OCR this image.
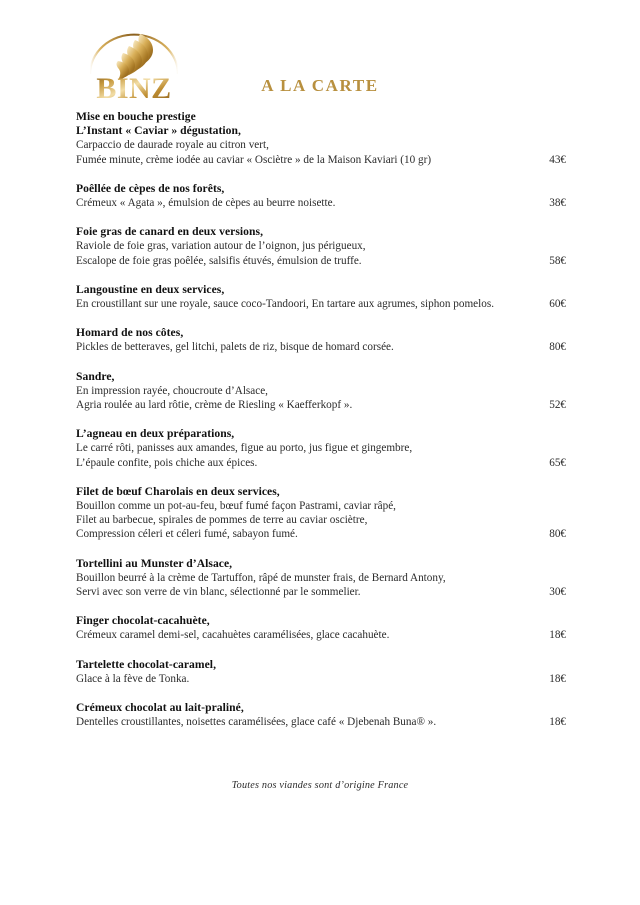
BINZ	A LA CARTE
Mise en bouche prestige
L’Instant « Caviar » dégustation,
Carpaccio de daurade royale au citron vert,
Fumée minute, crème iodée au caviar « Osciètre » de la Maison Kaviari (10 gr)	43€
Poêllée de cèpes de nos forêts,
Crémeux « Agata », émulsion de cèpes au beurre noisette.	38€
Foie gras de canard en deux versions,
Raviole de foie gras, variation autour de l’oignon, jus périgueux,
Escalope de foie gras poêlée, salsifis étuvés, émulsion de truffe.	58€
Langoustine en deux services,
En croustillant sur une royale, sauce coco-Tandoori, En tartare aux agrumes, siphon pomelos.	60€
Homard de nos côtes,
Pickles de betteraves, gel litchi, palets de riz, bisque de homard corsée.	80€
Sandre,
En impression rayée, choucroute d’Alsace,
Agria roulée au lard rôtie, crème de Riesling « Kaefferkopf ».	52€
L’agneau en deux préparations,
Le carré rôti, panisses aux amandes, figue au porto, jus figue et gingembre,
L’épaule confite, pois chiche aux épices.	65€
Filet de bœuf Charolais en deux services,
Bouillon comme un pot-au-feu, bœuf fumé façon Pastrami, caviar râpé,
Filet au barbecue, spirales de pommes de terre au caviar osciètre,
Compression céleri et céleri fumé, sabayon fumé.	80€
Tortellini au Munster d’Alsace,
Bouillon beurré à la crème de Tartuffon, râpé de munster frais, de Bernard Antony,
Servi avec son verre de vin blanc, sélectionné par le sommelier.	30€
Finger chocolat-cacahuète,
Crémeux caramel demi-sel, cacahuètes caramélisées, glace cacahuète.	18€
Tartelette chocolat-caramel,
Glace à la fève de Tonka.	18€
Crémeux chocolat au lait-praliné,
Dentelles croustillantes, noisettes caramélisées, glace café « Djebenah Buna® ».	18€
Toutes nos viandes sont d’origine France
